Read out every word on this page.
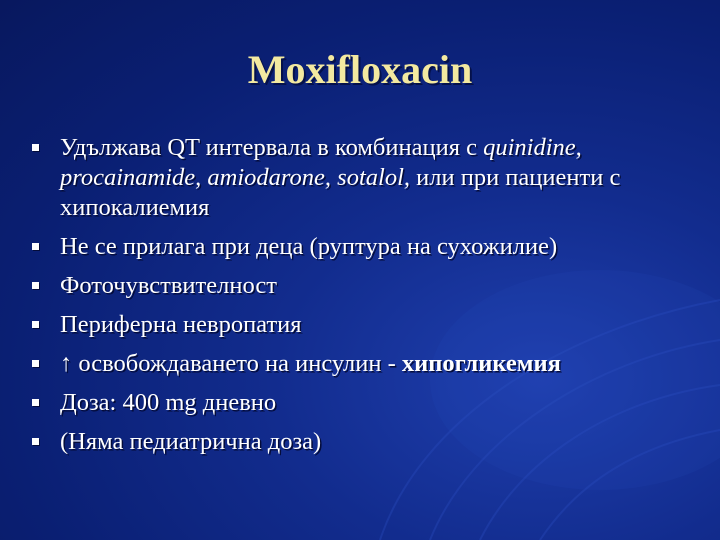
Moxifloxacin
Удължава QT интервала в комбинация с quinidine, procainamide, amiodarone, sotalol, или при пациенти с хипокалиемия
Не се прилага при деца (руптура на сухожилие)
Фоточувствителност
Периферна невропатия
↑ освобождаването на инсулин - хипогликемия
Доза: 400 mg дневно
(Няма педиатрична доза)
